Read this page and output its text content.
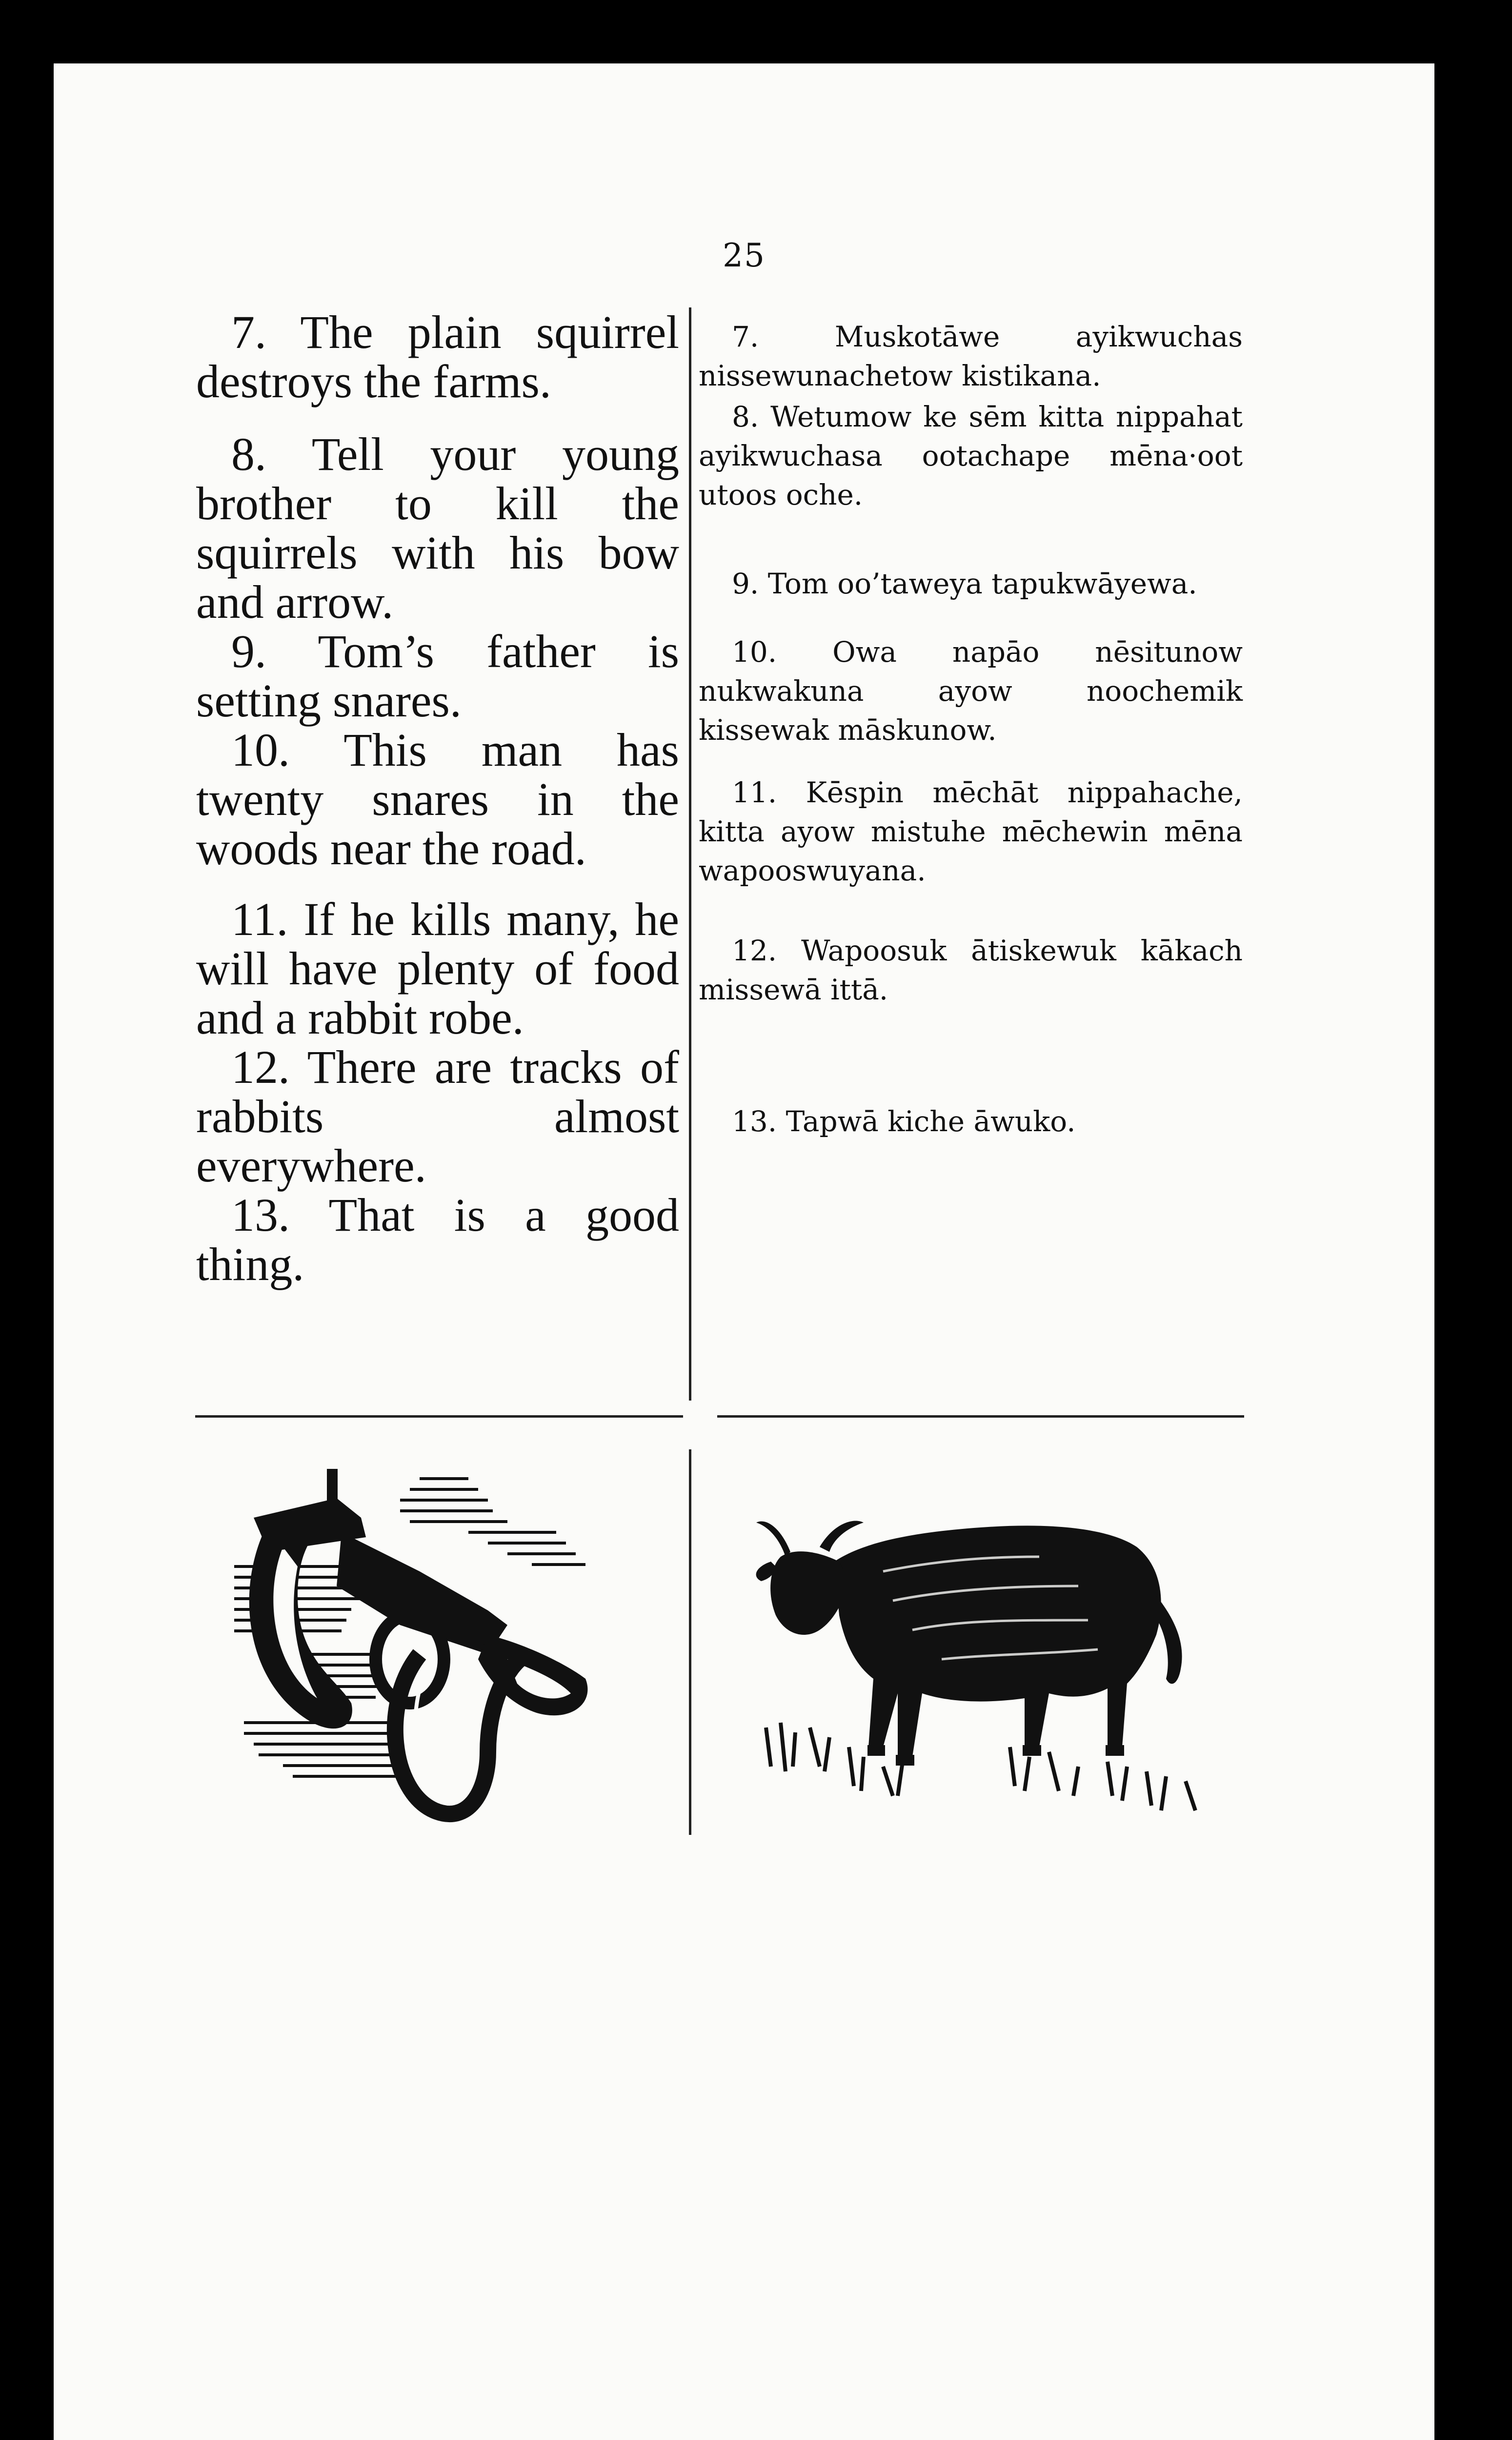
25

7. The plain squirrel destroys the farms.

8. Tell your young brother to kill the squirrels with his bow and arrow.

9. Tom’s father is setting snares.

10. This man has twenty snares in the woods near the road.

11. If he kills many, he will have plenty of food and a rabbit robe.

12. There are tracks of rabbits almost everywhere.

13. That is a good thing.

7. Muskotāwe ayikwuchas nissewunachetow kistikana.

8. Wetumow ke sēm kitta nippahat ayikwuchasa ootachape mēna·oot utoos oche.

9. Tom oo’taweya tapukwāyewa.

10. Owa napāo nēsitunow nukwakuna ayow noochemik kissewak māskunow.

11. Kēspin mēchāt nippahache, kitta ayow mistuhe mēchewin mēna wapooswuyana.

12. Wapoosuk ātiskewuk kākach missewā ittā.

13. Tapwā kiche āwuko.
